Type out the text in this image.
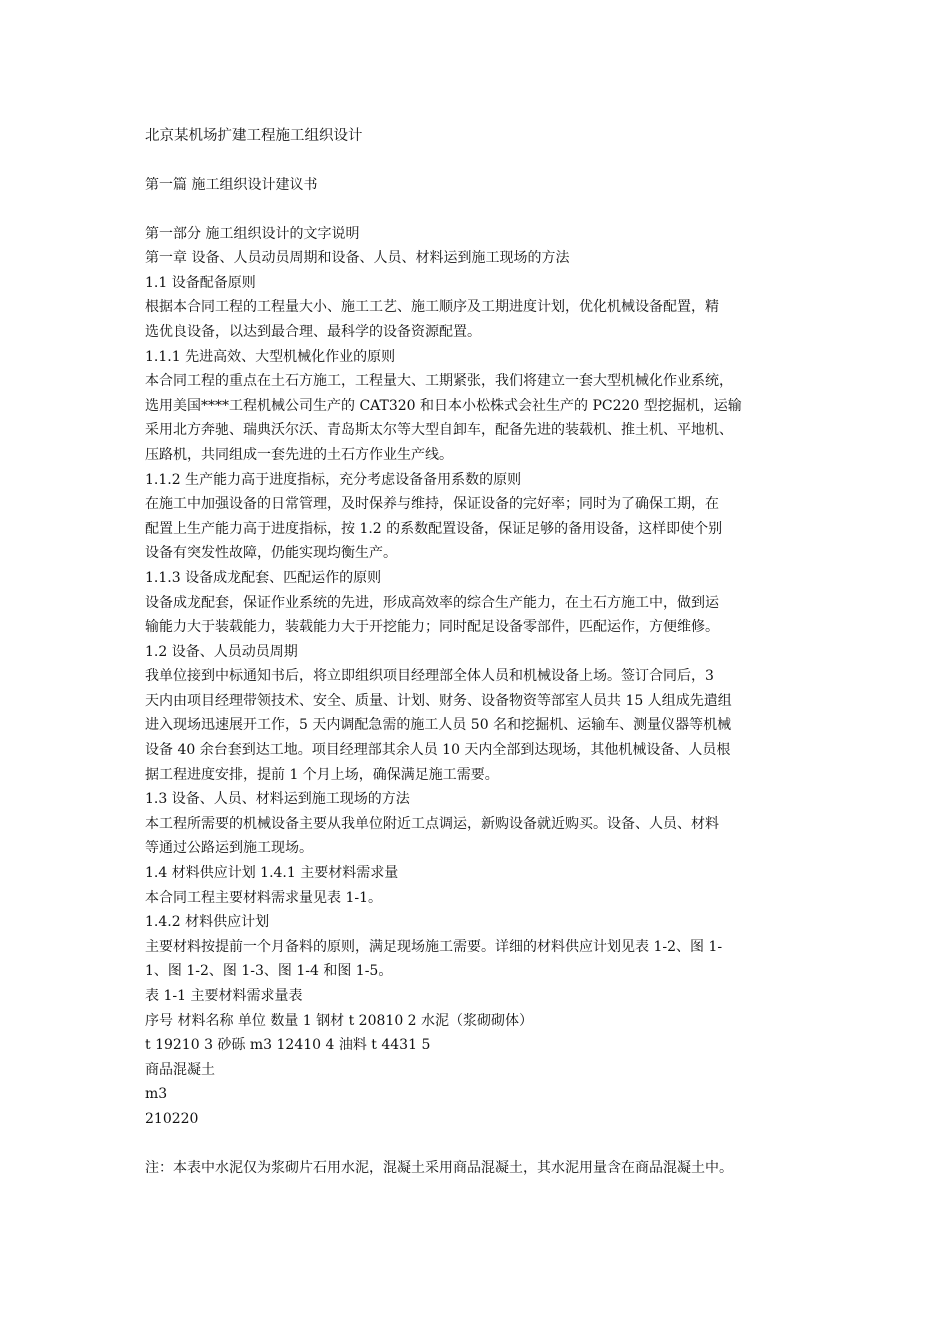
北京某机场扩建工程施工组织设计

第一篇 施工组织设计建议书

第一部分 施工组织设计的文字说明

第一章 设备、人员动员周期和设备、人员、材料运到施工现场的方法

1.1 设备配备原则

根据本合同工程的工程量大小、施工工艺、施工顺序及工期进度计划，优化机械设备配置，精

选优良设备，以达到最合理、最科学的设备资源配置。

1.1.1 先进高效、大型机械化作业的原则

本合同工程的重点在土石方施工，工程量大、工期紧张，我们将建立一套大型机械化作业系统，

选用美国****工程机械公司生产的 CAT320 和日本小松株式会社生产的 PC220 型挖掘机，运输

采用北方奔驰、瑞典沃尔沃、青岛斯太尔等大型自卸车，配备先进的装载机、推土机、平地机、

压路机，共同组成一套先进的土石方作业生产线。

1.1.2 生产能力高于进度指标，充分考虑设备备用系数的原则

在施工中加强设备的日常管理，及时保养与维持，保证设备的完好率；同时为了确保工期，在

配置上生产能力高于进度指标，按 1.2 的系数配置设备，保证足够的备用设备，这样即使个别

设备有突发性故障，仍能实现均衡生产。

1.1.3 设备成龙配套、匹配运作的原则

设备成龙配套，保证作业系统的先进，形成高效率的综合生产能力，在土石方施工中，做到运

输能力大于装载能力，装载能力大于开挖能力；同时配足设备零部件，匹配运作，方便维修。

1.2 设备、人员动员周期

我单位接到中标通知书后，将立即组织项目经理部全体人员和机械设备上场。签订合同后，3

天内由项目经理带领技术、安全、质量、计划、财务、设备物资等部室人员共 15 人组成先遣组

进入现场迅速展开工作，5 天内调配急需的施工人员 50 名和挖掘机、运输车、测量仪器等机械

设备 40 余台套到达工地。项目经理部其余人员 10 天内全部到达现场，其他机械设备、人员根

据工程进度安排，提前 1 个月上场，确保满足施工需要。

1.3 设备、人员、材料运到施工现场的方法

本工程所需要的机械设备主要从我单位附近工点调运，新购设备就近购买。设备、人员、材料

等通过公路运到施工现场。

1.4 材料供应计划 1.4.1 主要材料需求量

本合同工程主要材料需求量见表 1-1。

1.4.2 材料供应计划

主要材料按提前一个月备料的原则，满足现场施工需要。详细的材料供应计划见表 1-2、图 1-

1、图 1-2、图 1-3、图 1-4 和图 1-5。

表 1-1 主要材料需求量表

序号 材料名称 单位 数量 1 钢材 t 20810 2 水泥（浆砌砌体）

t 19210 3 砂砾 m3 12410 4 油料 t 4431 5

商品混凝土

m3

210220

注：本表中水泥仅为浆砌片石用水泥，混凝土采用商品混凝土，其水泥用量含在商品混凝土中。
